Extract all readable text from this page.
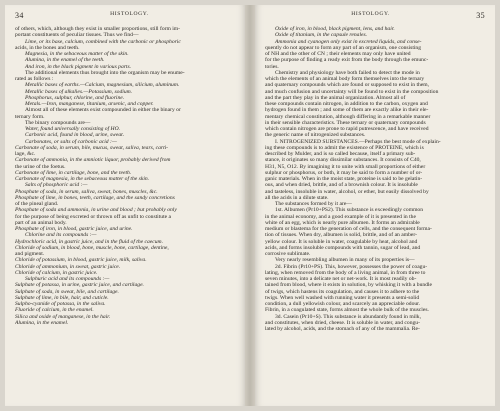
34	HISTOLOGY.
of others, which, although they exist in smaller proportions, still form im-
portant constituents of peculiar tissues. Thus we find—
Lime, or its base, calcium, combined with the carbonic or phosphoric
acids, in the bones and teeth.
Magnesia, in the sebaceous matter of the skin.
Alumina, in the enamel of the teeth.
And iron, in the black pigment in various parts.
The additional elements thus brought into the organism may be enume-
rated as follows :
Metallic bases of earths.—Calcium, magnesium, silicium, aluminum.
Metallic bases of alkalies.—Potassium, sodium.
Phosphorus, sulphur, chlorine, and fluorine.
Metals.—Iron, manganese, titanium, arsenic, and copper.
Almost all of these elements exist compounded in either the binary or
ternary form.
The binary compounds are—
Water, found universally consisting of HO.
Carbonic acid, found in blood, urine, sweat.
Carbonates, or salts of carbonic acid :—
Carbonate of soda, in serum, bile, mucus, sweat, saliva, tears, carti-
lage, &c.
Carbonate of ammonia, in the amniotic liquor, probably derived from
the urine of the foetus.
Carbonate of lime, in cartilage, bone, and the teeth.
Carbonate of magnesia, in the sebaceous matter of the skin.
Salts of phosphoric acid :—
Phosphate of soda, in serum, saliva, sweat, bones, muscles, &c.
Phosphate of lime, in bones, teeth, cartilage, and the sandy concretions
of the pineal gland.
Phosphate of soda and ammonia, in urine and blood ; but probably only
for the purpose of being excreted or thrown off as unfit to constitute a
part of an animal body.
Phosphate of iron, in blood, gastric juice, and urine.
Chlorine and its compounds :—
Hydrochloric acid, in gastric juice, and in the fluid of the caecum.
Chloride of sodium, in blood, bone, muscle, bone, cartilage, dentine,
and pigment.
Chloride of potassium, in blood, gastric juice, milk, saliva.
Chloride of ammonium, in sweat, gastric juice.
Chloride of calcium, in gastric juice.
Sulphuric acid and its compounds :—
Sulphate of potassa, in urine, gastric juice, and cartilage.
Sulphate of soda, in sweat, bile, and cartilage.
Sulphate of lime, in bile, hair, and cuticle.
Sulpho-cyanide of potassa, in the saliva.
Fluoride of calcium, in the enamel.
Silica and oxide of manganese, in the hair.
Alumina, in the enamel.
HISTOLOGY.	35
Oxide of iron, in blood, black pigment, lens, and hair.
Oxide of titanium, in the capsule renales.
Ammonia and cyanogen only exist in excreted liquids, and conse-
quently do not appear to form any part of an organism, one consisting
of NH and the other of CN ; their elements may only have united
for the purpose of finding a ready exit from the body through the emunc-
tories.
Chemistry and physiology have both failed to detect the mode in
which the elements of an animal body form themselves into the ternary
and quaternary compounds which are found or supposed to exist in them,
and much confusion and uncertainty will be found to exist in the composition
and the part they play in the animal organization. Almost all of
these compounds contain nitrogen, in addition to the carbon, oxygen and
hydrogen found in them ; and some of them are exactly alike in their ele-
mentary chemical constitution, although differing in a remarkable manner
in their sensible characteristics. These ternary or quaternary compounds
which contain nitrogen are prone to rapid putrescence, and have received
the generic name of nitrogenized substances.
I. NITROGENIZED SUBSTANCES.—Perhaps the best mode of explain-
ing these compounds is to admit the existence of PROTEINE, which is
described by Mulder, and is so called because, itself a primary sub-
stance, it originates so many dissimilar substances. It consists of C40,
H31, N5, O12. By imagining it to unite with small proportions of either
sulphur or phosphorus, or both, it may be said to form a number of or-
ganic materials. When in the moist state, proteine is said to be gelatin-
ous, and when dried, brittle, and of a brownish colour. It is insoluble
and tasteless, insoluble in water, alcohol, or ether, but easily dissolved by
all the acids in a dilute state.
The substances formed by it are—
1st. Albumen (Pr10+PS2). This substance is exceedingly common
in the animal economy, and a good example of it is presented in the
white of an egg, which is nearly pure albumen. It forms an admirable
medium or blastema for the generation of cells, and the consequent forma-
tion of tissues. When dry, albumen is solid, brittle, and of an amber-
yellow colour. It is soluble in water, coagulable by heat, alcohol and
acids, and forms insoluble compounds with tannin, sugar of lead, and
corrosive sublimate.
Very nearly resembling albumen in many of its properties is—
2d. Fibrin (Pr10+PS). This, however, possesses the power of coagu-
lating, when removed from the body of a living animal, in from three to
seven minutes, into a delicate net or net-work. It is most readily ob-
tained from blood, where it exists in solution, by whisking it with a bundle
of twigs, which hastens its coagulation, and causes it to adhere to the
twigs. When well washed with running water it presents a semi-solid
condition, a dull yellowish colour, and scarcely an appreciable odour.
Fibrin, in a coagulated state, forms almost the whole bulk of the muscles.
3d. Casein (Pr10+S). This substance is abundantly found in milk,
and constitutes, when dried, cheese. It is soluble in water, and congu-
lated by alcohol, acids, and the stomach of any of the mammalia. Re-
